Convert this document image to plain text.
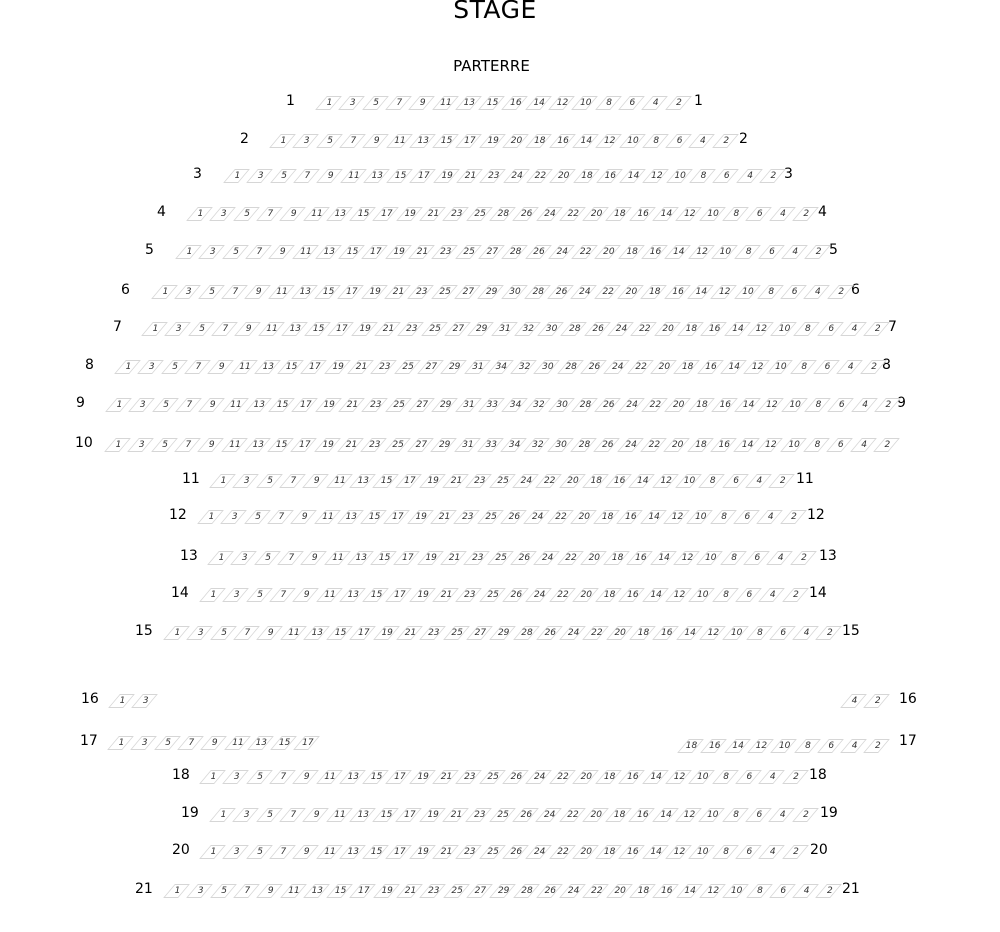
STAGE
PARTERRE
1	1
1	3	5	7	9	11	13	15	16	14	12	10	8	6	4	2
2	2
1	3	5	7	9	11	13	15	17	19	20	18	16	14	12	10	8	6	4	2
3	3
1	3	5	7	9	11	13	15	17	19	21	23	24	22	20	18	16	14	12	10	8	6	4	2
4	4
1	3	5	7	9	11	13	15	17	19	21	23	25	28	26	24	22	20	18	16	14	12	10	8	6	4	2
5	5
1	3	5	7	9	11	13	15	17	19	21	23	25	27	28	26	24	22	20	18	16	14	12	10	8	6	4	2
6	6
1	3	5	7	9	11	13	15	17	19	21	23	25	27	29	30	28	26	24	22	20	18	16	14	12	10	8	6	4	2
7	7
1	3	5	7	9	11	13	15	17	19	21	23	25	27	29	31	32	30	28	26	24	22	20	18	16	14	12	10	8	6	4	2
8	8
1	3	5	7	9	11	13	15	17	19	21	23	25	27	29	31	34	32	30	28	26	24	22	20	18	16	14	12	10	8	6	4	2
9	9
1	3	5	7	9	11	13	15	17	19	21	23	25	27	29	31	33	34	32	30	28	26	24	22	20	18	16	14	12	10	8	6	4	2
10	1	3	5	7	9	11	13	15	17	19	21	23	25	27	29	31	33	34	32	30	28	26	24	22	20	18	16	14	12	10	8	6	4	2
11	11
1	3	5	7	9	11	13	15	17	19	21	23	25	24	22	20	18	16	14	12	10	8	6	4	2
12	12
1	3	5	7	9	11	13	15	17	19	21	23	25	26	24	22	20	18	16	14	12	10	8	6	4	2
13	13
1	3	5	7	9	11	13	15	17	19	21	23	25	26	24	22	20	18	16	14	12	10	8	6	4	2
14	14
1	3	5	7	9	11	13	15	17	19	21	23	25	26	24	22	20	18	16	14	12	10	8	6	4	2
15	15
1	3	5	7	9	11	13	15	17	19	21	23	25	27	29	28	26	24	22	20	18	16	14	12	10	8	6	4	2
16	16
1	3	4	2
17	17
1	3	5	7	9	11	13	15	17	18	16	14	12	10	8	6	4	2
18	18
1	3	5	7	9	11	13	15	17	19	21	23	25	26	24	22	20	18	16	14	12	10	8	6	4	2
19	19
1	3	5	7	9	11	13	15	17	19	21	23	25	26	24	22	20	18	16	14	12	10	8	6	4	2
20	20
1	3	5	7	9	11	13	15	17	19	21	23	25	26	24	22	20	18	16	14	12	10	8	6	4	2
21	21
1	3	5	7	9	11	13	15	17	19	21	23	25	27	29	28	26	24	22	20	18	16	14	12	10	8	6	4	2
